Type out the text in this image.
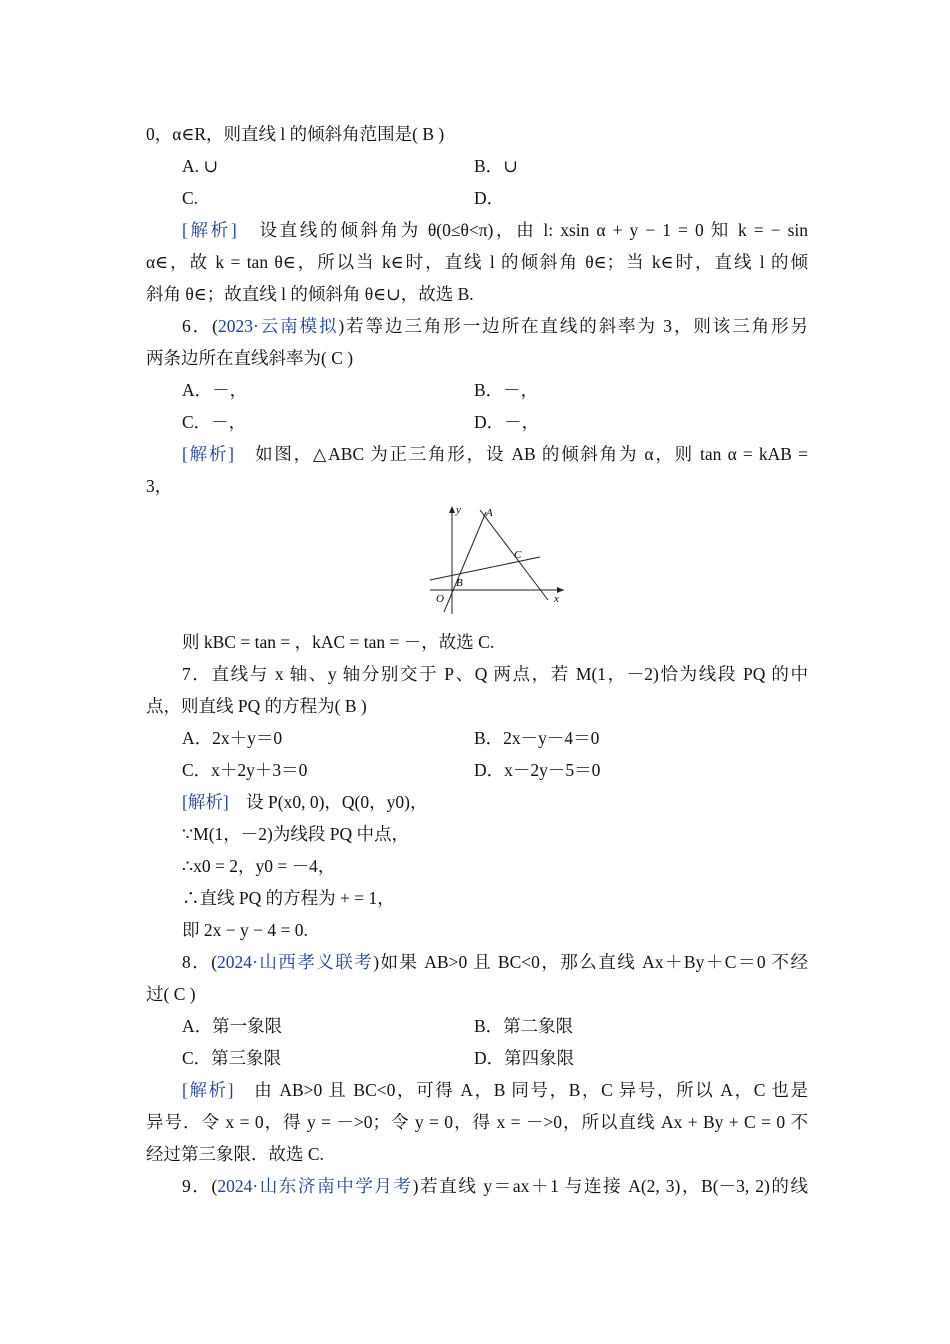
0，α∈R，则直线 l 的倾斜角范围是( B )
A. ∪	B．∪
C.	D．
[解析]　 设直线的倾斜角为 θ(0≤θ<π)，由 l: xsin α + y − 1 = 0 知 k = − sin
α∈，故 k = tan θ∈，所以当 k∈时，直线 l 的倾斜角 θ∈；当 k∈时，直线 l 的倾
斜角 θ∈；故直线 l 的倾斜角 θ∈∪，故选 B.
6．(2023·云南模拟)若等边三角形一边所在直线的斜率为 3，则该三角形另
两条边所在直线斜率为( C )
A．－，	B．－，
C．－，	D．－，
[解析]　 如图，△ABC 为正三角形，设 AB 的倾斜角为 α，则 tan α = kAB =
3，
y
x
O
A
B
C
则 kBC = tan = ，kAC = tan = －，故选 C.
7．直线与 x 轴、y 轴分别交于 P、Q 两点，若 M(1，－2)恰为线段 PQ 的中
点，则直线 PQ 的方程为( B )
A．2x＋y＝0	B．2x－y－4＝0
C．x＋2y＋3＝0	D．x－2y－5＝0
[解析]　 设 P(x0, 0)，Q(0，y0)，
∵M(1，－2)为线段 PQ 中点，
∴x0 = 2，y0 = －4，
∴直线 PQ 的方程为 + = 1，
即 2x − y − 4 = 0.
8．(2024·山西孝义联考)如果 AB>0 且 BC<0，那么直线 Ax＋By＋C＝0 不经
过( C )
A．第一象限	B．第二象限
C．第三象限	D．第四象限
[解析]　 由 AB>0 且 BC<0，可得 A，B 同号，B，C 异号，所以 A，C 也是
异号．令 x = 0，得 y = －>0；令 y = 0，得 x = －>0，所以直线 Ax + By + C = 0 不
经过第三象限．故选 C.
9．(2024·山东济南中学月考)若直线 y＝ax＋1 与连接 A(2, 3)，B(－3, 2)的线
